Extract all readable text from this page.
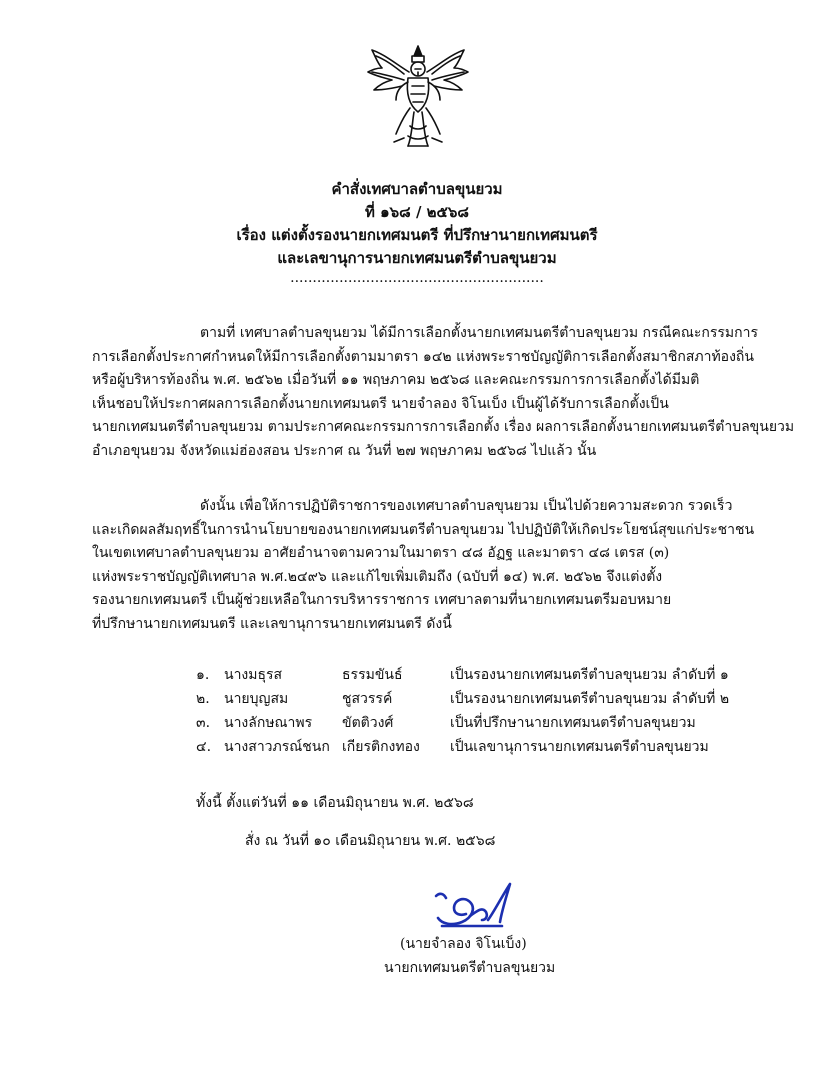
คำสั่งเทศบาลตำบลขุนยวม
ที่ ๑๖๘ / ๒๕๖๘
เรื่อง แต่งตั้งรองนายกเทศมนตรี ที่ปรึกษานายกเทศมนตรี
และเลขานุการนายกเทศมนตรีตำบลขุนยวม
.........................................................
ตามที่ เทศบาลตำบลขุนยวม ได้มีการเลือกตั้งนายกเทศมนตรีตำบลขุนยวม กรณีคณะกรรมการ
การเลือกตั้งประกาศกำหนดให้มีการเลือกตั้งตามมาตรา ๑๔๒ แห่งพระราชบัญญัติการเลือกตั้งสมาชิกสภาท้องถิ่น
หรือผู้บริหารท้องถิ่น พ.ศ. ๒๕๖๒ เมื่อวันที่ ๑๑ พฤษภาคม ๒๕๖๘ และคณะกรรมการการเลือกตั้งได้มีมติ
เห็นชอบให้ประกาศผลการเลือกตั้งนายกเทศมนตรี นายจำลอง จิโนเบ็ง เป็นผู้ได้รับการเลือกตั้งเป็น
นายกเทศมนตรีตำบลขุนยวม ตามประกาศคณะกรรมการการเลือกตั้ง เรื่อง ผลการเลือกตั้งนายกเทศมนตรีตำบลขุนยวม
อำเภอขุนยวม จังหวัดแม่ฮ่องสอน ประกาศ ณ วันที่ ๒๗ พฤษภาคม ๒๕๖๘ ไปแล้ว นั้น
ดังนั้น เพื่อให้การปฏิบัติราชการของเทศบาลตำบลขุนยวม เป็นไปด้วยความสะดวก รวดเร็ว
และเกิดผลสัมฤทธิ์ในการนำนโยบายของนายกเทศมนตรีตำบลขุนยวม ไปปฏิบัติให้เกิดประโยชน์สุขแก่ประชาชน
ในเขตเทศบาลตำบลขุนยวม อาศัยอำนาจตามความในมาตรา ๔๘ อัฏฐ และมาตรา ๔๘ เตรส (๓)
แห่งพระราชบัญญัติเทศบาล พ.ศ.๒๔๙๖ และแก้ไขเพิ่มเติมถึง (ฉบับที่ ๑๔) พ.ศ. ๒๕๖๒ จึงแต่งตั้ง
รองนายกเทศมนตรี เป็นผู้ช่วยเหลือในการบริหารราชการ เทศบาลตามที่นายกเทศมนตรีมอบหมาย
ที่ปรึกษานายกเทศมนตรี และเลขานุการนายกเทศมนตรี ดังนี้
๑.	นางมธุรส	ธรรมขันธ์	เป็นรองนายกเทศมนตรีตำบลขุนยวม ลำดับที่ ๑
๒.	นายบุญสม	ชูสวรรค์	เป็นรองนายกเทศมนตรีตำบลขุนยวม ลำดับที่ ๒
๓.	นางลักษณาพร	ขัตติวงศ์	เป็นที่ปรึกษานายกเทศมนตรีตำบลขุนยวม
๔.	นางสาวภรณ์ชนก	เกียรติกงทอง	เป็นเลขานุการนายกเทศมนตรีตำบลขุนยวม
ทั้งนี้ ตั้งแต่วันที่ ๑๑ เดือนมิถุนายน พ.ศ. ๒๕๖๘
สั่ง ณ วันที่ ๑๐ เดือนมิถุนายน พ.ศ. ๒๕๖๘
(นายจำลอง จิโนเบ็ง)
นายกเทศมนตรีตำบลขุนยวม
